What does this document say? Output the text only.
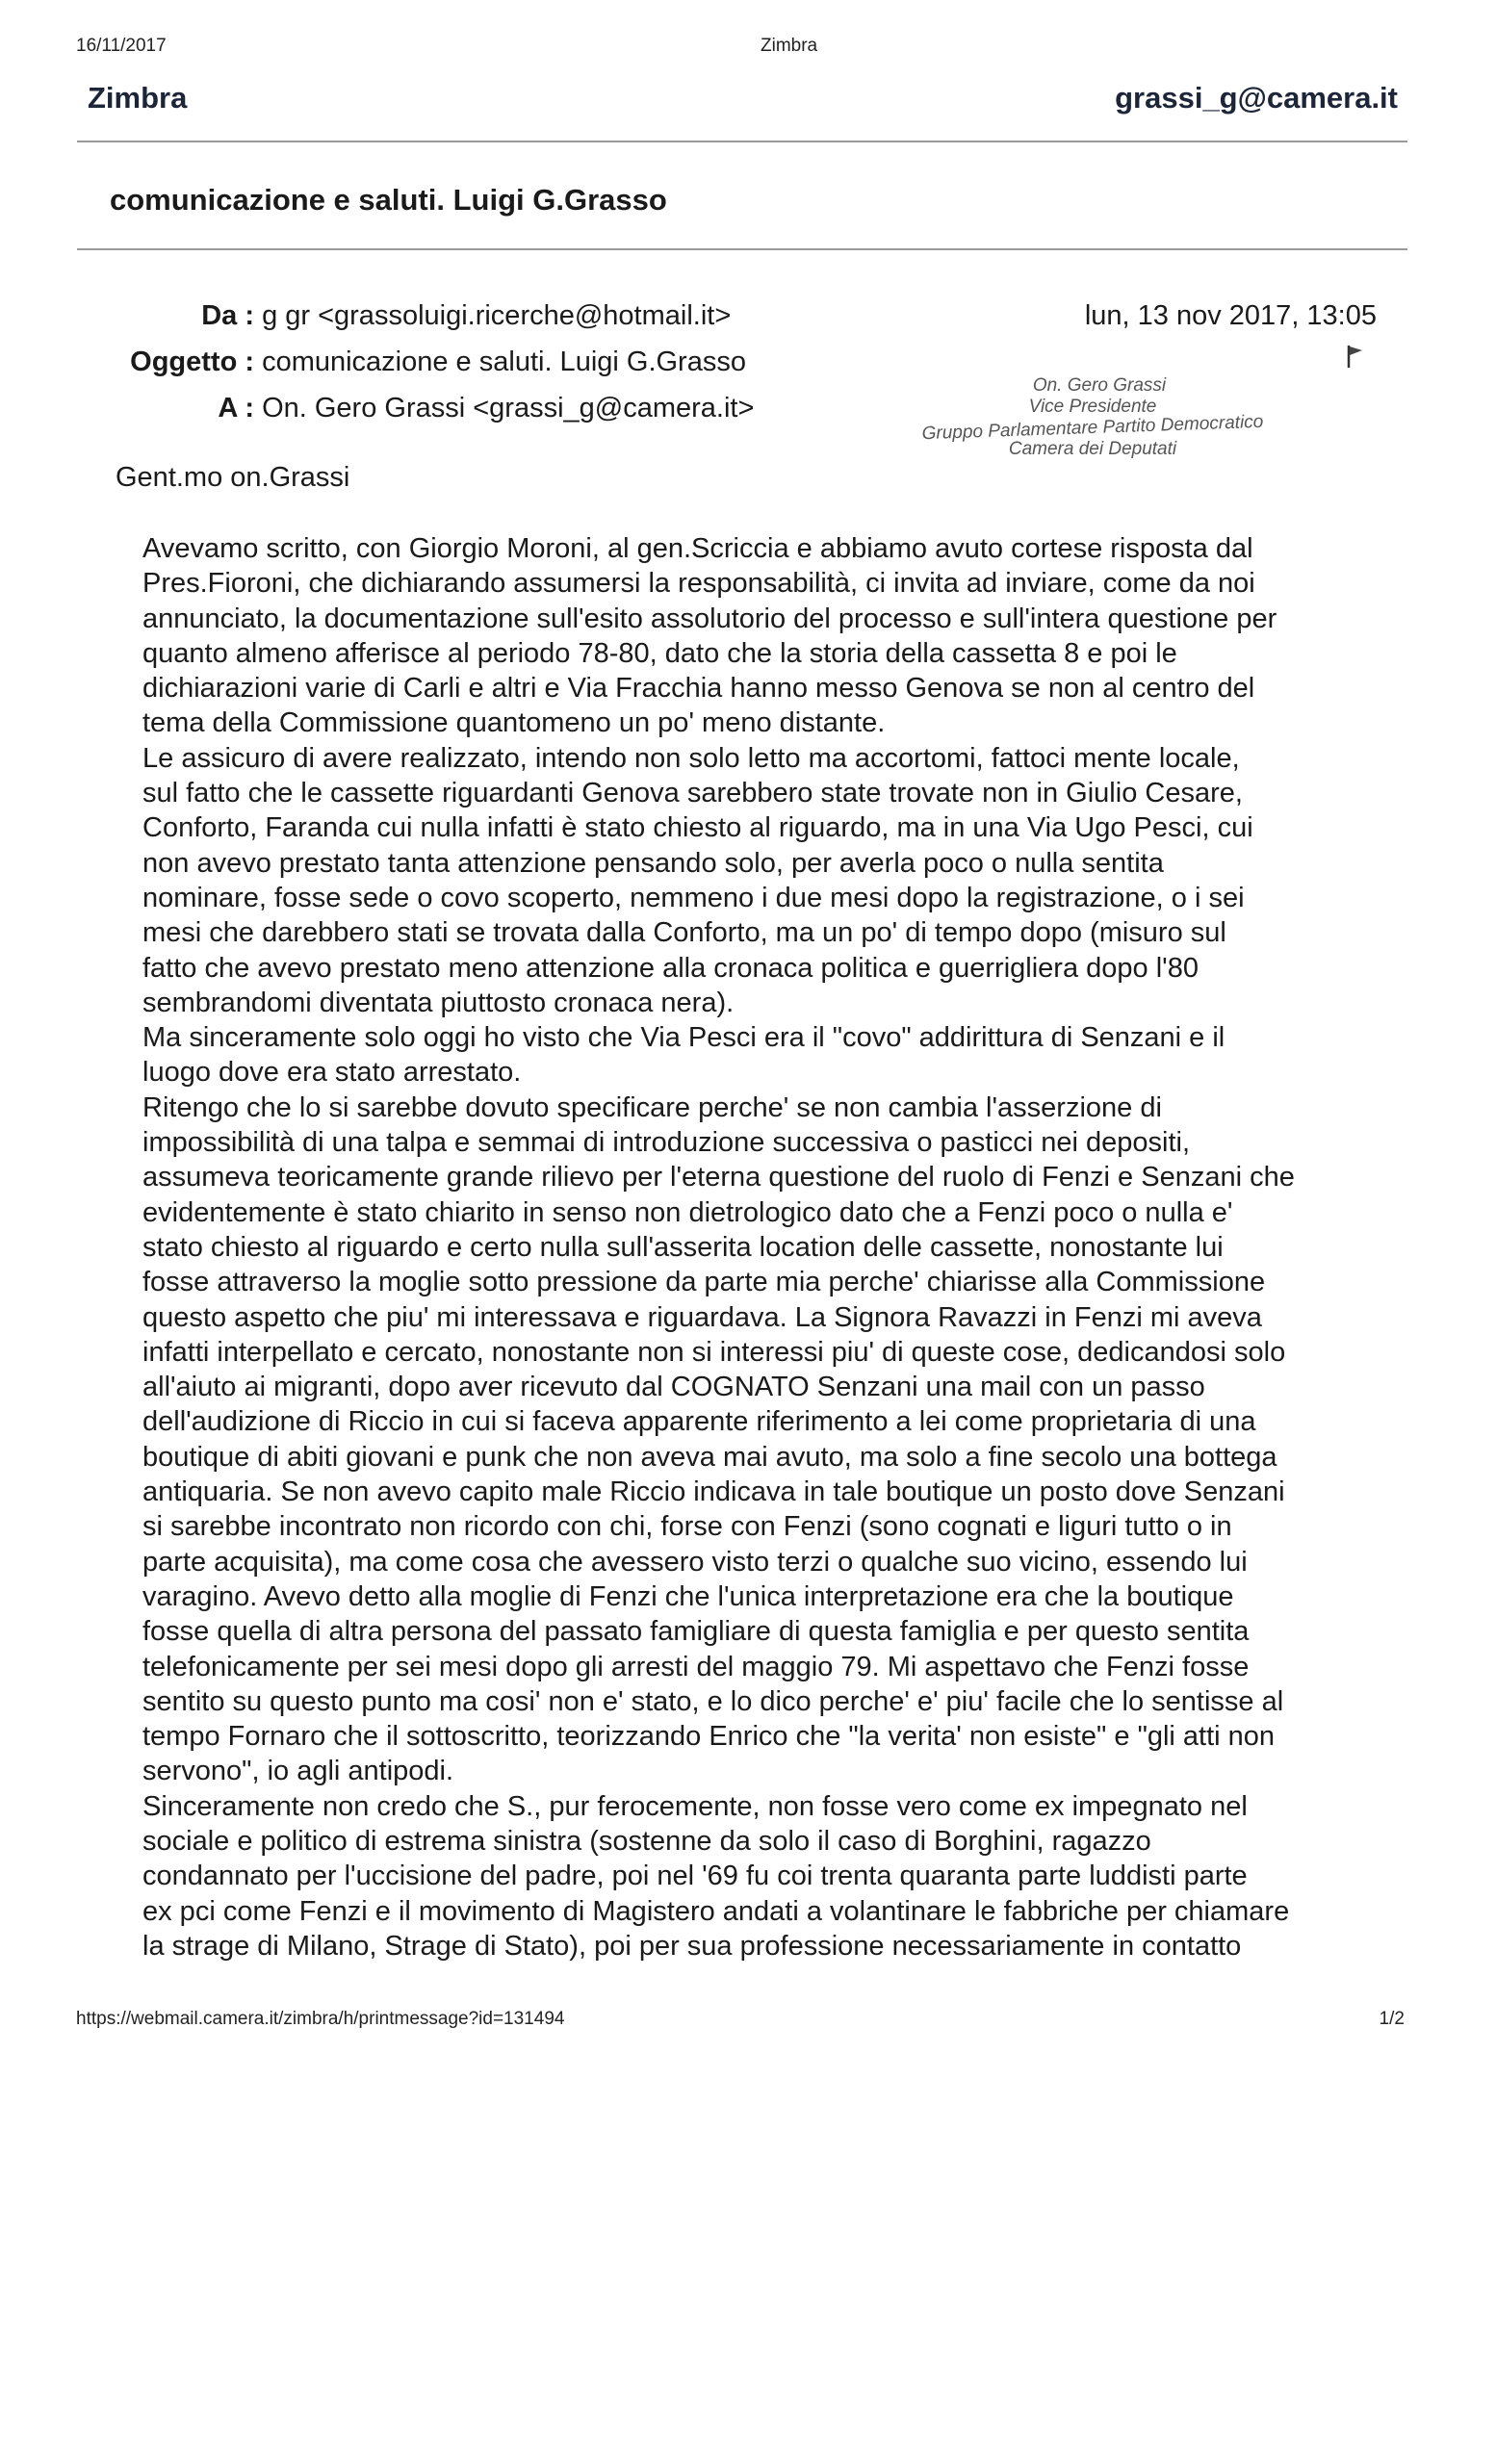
16/11/2017	Zimbra
Zimbra	grassi_g@camera.it
comunicazione e saluti. Luigi G.Grasso
Da : g gr <grassoluigi.ricerche@hotmail.it>
Oggetto : comunicazione e saluti. Luigi G.Grasso
A : On. Gero Grassi <grassi_g@camera.it>
lun, 13 nov 2017, 13:05
On. Gero Grassi
Vice Presidente
Gruppo Parlamentare Partito Democratico
Camera dei Deputati
Gent.mo on.Grassi
Avevamo scritto, con Giorgio Moroni, al gen.Scriccia e abbiamo avuto cortese risposta dal
Pres.Fioroni, che dichiarando assumersi la responsabilità, ci invita ad inviare, come da noi
annunciato, la documentazione sull'esito assolutorio del processo e sull'intera questione per
quanto almeno afferisce al periodo 78-80, dato che la storia della cassetta 8 e poi le
dichiarazioni varie di Carli e altri e Via Fracchia hanno messo Genova se non al centro del
tema della Commissione quantomeno un po' meno distante.
Le assicuro di avere realizzato, intendo non solo letto ma accortomi, fattoci mente locale,
sul fatto che le cassette riguardanti Genova sarebbero state trovate non in Giulio Cesare,
Conforto, Faranda cui nulla infatti è stato chiesto al riguardo, ma in una Via Ugo Pesci, cui
non avevo prestato tanta attenzione pensando solo, per averla poco o nulla sentita
nominare, fosse sede o covo scoperto, nemmeno i due mesi dopo la registrazione, o i sei
mesi che darebbero stati se trovata dalla Conforto, ma un po' di tempo dopo (misuro sul
fatto che avevo prestato meno attenzione alla cronaca politica e guerrigliera dopo l'80
sembrandomi diventata piuttosto cronaca nera).
Ma sinceramente solo oggi ho visto che Via Pesci era il "covo" addirittura di Senzani e il
luogo dove era stato arrestato.
Ritengo che lo si sarebbe dovuto specificare perche' se non cambia l'asserzione di
impossibilità di una talpa e semmai di introduzione successiva o pasticci nei depositi,
assumeva teoricamente grande rilievo per l'eterna questione del ruolo di Fenzi e Senzani che
evidentemente è stato chiarito in senso non dietrologico dato che a Fenzi poco o nulla e'
stato chiesto al riguardo e certo nulla sull'asserita location delle cassette, nonostante lui
fosse attraverso la moglie sotto pressione da parte mia perche' chiarisse alla Commissione
questo aspetto che piu' mi interessava e riguardava. La Signora Ravazzi in Fenzi mi aveva
infatti interpellato e cercato, nonostante non si interessi piu' di queste cose, dedicandosi solo
all'aiuto ai migranti, dopo aver ricevuto dal COGNATO Senzani una mail con un passo
dell'audizione di Riccio in cui si faceva apparente riferimento a lei come proprietaria di una
boutique di abiti giovani e punk che non aveva mai avuto, ma solo a fine secolo una bottega
antiquaria. Se non avevo capito male Riccio indicava in tale boutique un posto dove Senzani
si sarebbe incontrato non ricordo con chi, forse con Fenzi (sono cognati e liguri tutto o in
parte acquisita), ma come cosa che avessero visto terzi o qualche suo vicino, essendo lui
varagino. Avevo detto alla moglie di Fenzi che l'unica interpretazione era che la boutique
fosse quella di altra persona del passato famigliare di questa famiglia e per questo sentita
telefonicamente per sei mesi dopo gli arresti del maggio 79. Mi aspettavo che Fenzi fosse
sentito su questo punto ma cosi' non e' stato, e lo dico perche' e' piu' facile che lo sentisse al
tempo Fornaro che il sottoscritto, teorizzando Enrico che "la verita' non esiste" e "gli atti non
servono", io agli antipodi.
Sinceramente non credo che S., pur ferocemente, non fosse vero come ex impegnato nel
sociale e politico di estrema sinistra (sostenne da solo il caso di Borghini, ragazzo
condannato per l'uccisione del padre, poi nel '69 fu coi trenta quaranta parte luddisti parte
ex pci come Fenzi e il movimento di Magistero andati a volantinare le fabbriche per chiamare
la strage di Milano, Strage di Stato), poi per sua professione necessariamente in contatto
https://webmail.camera.it/zimbra/h/printmessage?id=131494	1/2
